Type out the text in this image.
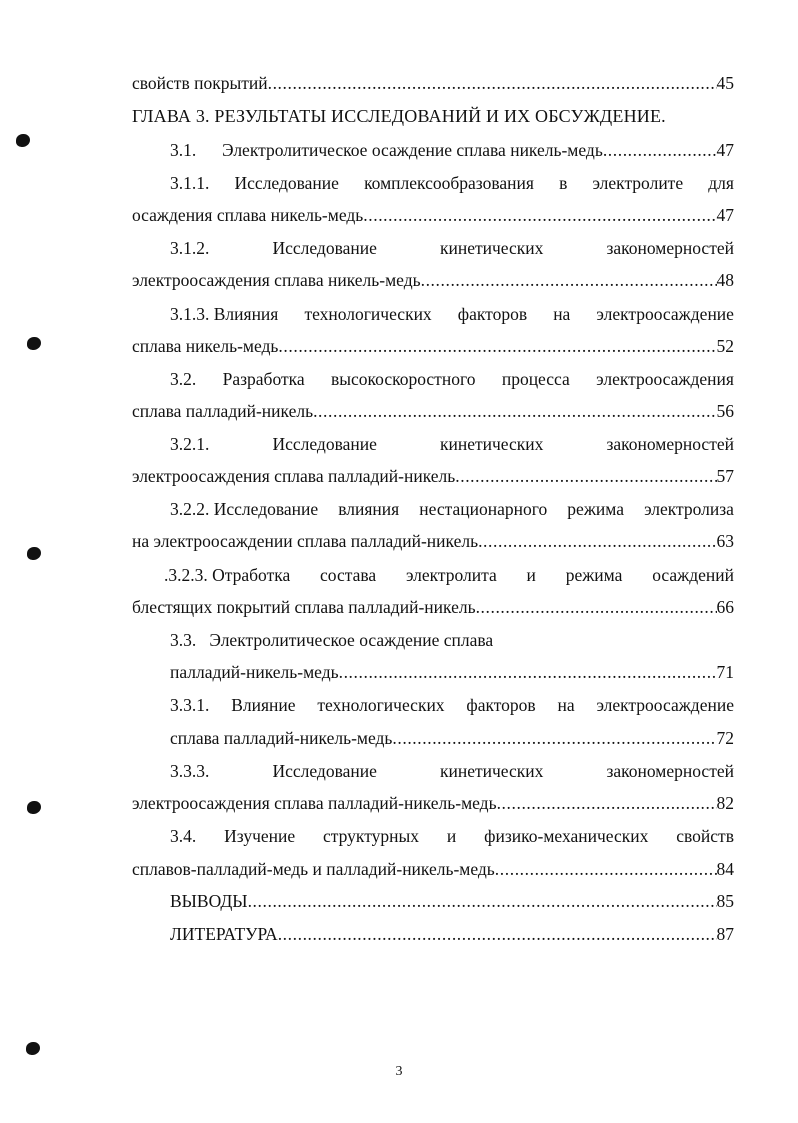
свойств покрытий .....	45
ГЛАВА 3. РЕЗУЛЬТАТЫ ИССЛЕДОВАНИЙ И ИХ ОБСУЖДЕНИЕ.
3.1.	Электролитическое осаждение сплава никель-медь .....	47
3.1.1. Исследование комплексообразования в электролите для
осаждения сплава никель-медь .....	47
3.1.2.	Исследование	кинетических	закономерностей
электроосаждения сплава никель-медь .....	48
3.1.3. Влияния технологических факторов на электроосаждение
сплава никель-медь .....	52
3.2. Разработка высокоскоростного процесса электроосаждения
сплава палладий-никель .....	56
3.2.1.	Исследование	кинетических	закономерностей
электроосаждения сплава палладий-никель .....	57
3.2.2. Исследование влияния нестационарного режима электролиза
на электроосаждении сплава палладий-никель .....	63
.3.2.3. Отработка состава электролита и режима осаждений
блестящих покрытий сплава палладий-никель .....	66
3.3.   Электролитическое осаждение сплава
палладий-никель-медь .....	71
3.3.1. Влияние технологических факторов на электроосаждение
сплава палладий-никель-медь .....	72
3.3.3.	Исследование	кинетических	закономерностей
электроосаждения сплава палладий-никель-медь .....	82
3.4. Изучение структурных и физико-механических свойств
сплавов-палладий-медь и палладий-никель-медь .....	84
ВЫВОДЫ .....	85
ЛИТЕРАТУРА .....	87
3
